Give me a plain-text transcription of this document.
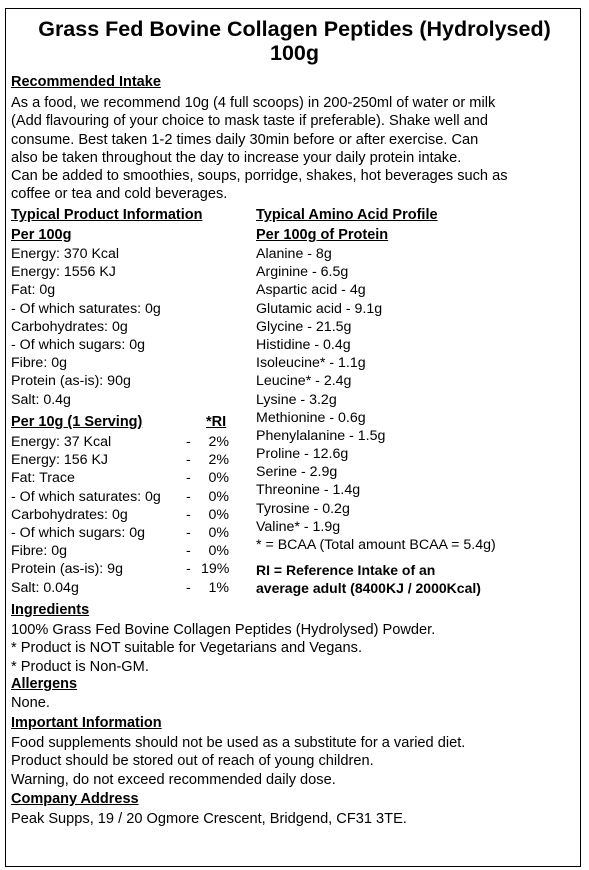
Grass Fed Bovine Collagen Peptides (Hydrolysed)
100g
Recommended Intake
As a food, we recommend 10g (4 full scoops) in 200-250ml of water or milk
(Add flavouring of your choice to mask taste if preferable). Shake well and
consume. Best taken 1-2 times daily 30min before or after exercise. Can
also be taken throughout the day to increase your daily protein intake.
Can be added to smoothies, soups, porridge, shakes, hot beverages such as
coffee or tea and cold beverages.
Typical Product Information
Per 100g
Energy: 370 Kcal
Energy: 1556 KJ
Fat: 0g
- Of which saturates: 0g
Carbohydrates: 0g
- Of which sugars: 0g
Fibre: 0g
Protein (as-is): 90g
Salt: 0.4g
Per 10g (1 Serving)	*RI
Energy: 37 Kcal	-	2%
Energy: 156 KJ	-	2%
Fat: Trace	-	0%
- Of which saturates: 0g -	0%
Carbohydrates: 0g	-	0%
- Of which sugars: 0g	-	0%
Fibre: 0g	-	0%
Protein (as-is): 9g	- 19%
Salt: 0.04g	-	1%
Typical Amino Acid Profile
Per 100g of Protein
Alanine - 8g
Arginine - 6.5g
Aspartic acid - 4g
Glutamic acid - 9.1g
Glycine - 21.5g
Histidine - 0.4g
Isoleucine* - 1.1g
Leucine* - 2.4g
Lysine - 3.2g
Methionine - 0.6g
Phenylalanine - 1.5g
Proline - 12.6g
Serine - 2.9g
Threonine - 1.4g
Tyrosine - 0.2g
Valine* - 1.9g
* = BCAA (Total amount BCAA = 5.4g)
RI = Reference Intake of an
average adult (8400KJ / 2000Kcal)
Ingredients
100% Grass Fed Bovine Collagen Peptides (Hydrolysed) Powder.
* Product is NOT suitable for Vegetarians and Vegans.
* Product is Non-GM.
Allergens
None.
Important Information
Food supplements should not be used as a substitute for a varied diet.
Product should be stored out of reach of young children.
Warning, do not exceed recommended daily dose.
Company Address
Peak Supps, 19 / 20 Ogmore Crescent, Bridgend, CF31 3TE.
